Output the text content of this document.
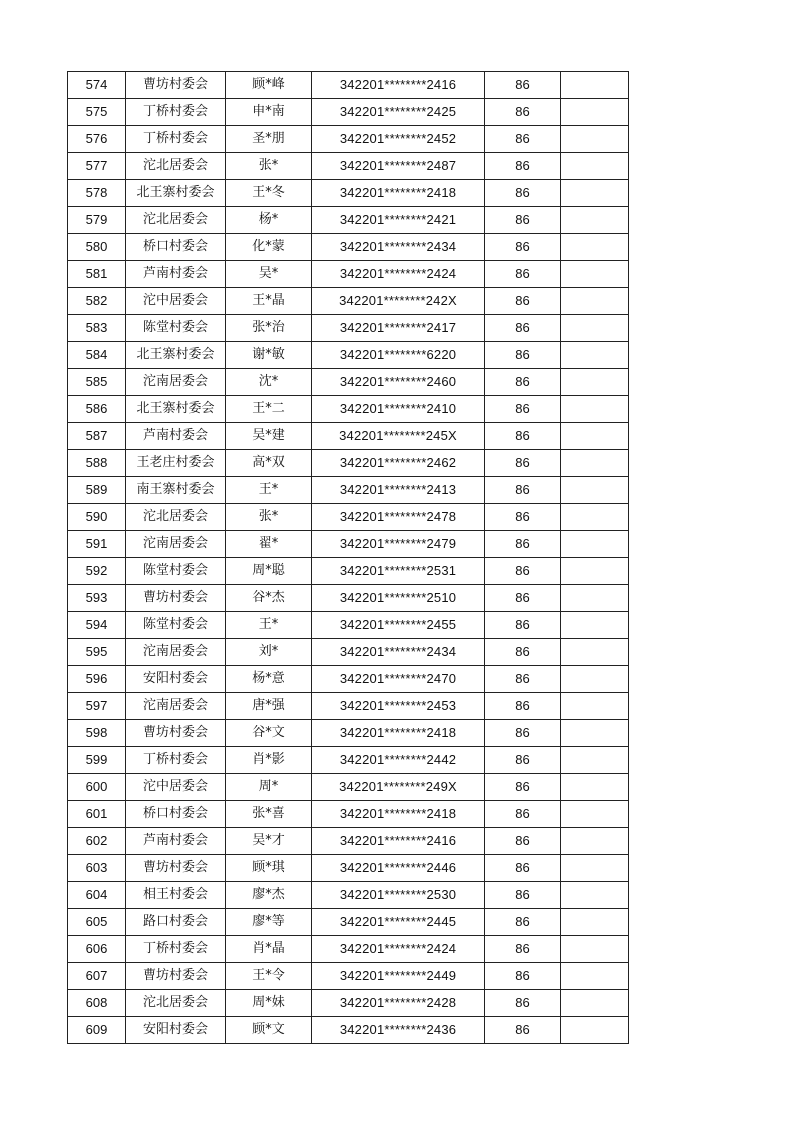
574	曹坊村委会	顾*峰	342201********2416	86	
575	丁桥村委会	申*南	342201********2425	86	
576	丁桥村委会	圣*朋	342201********2452	86	
577	沱北居委会	张*	342201********2487	86	
578	北王寨村委会	王*冬	342201********2418	86	
579	沱北居委会	杨*	342201********2421	86	
580	桥口村委会	化*蒙	342201********2434	86	
581	芦南村委会	吴*	342201********2424	86	
582	沱中居委会	王*晶	342201********242X	86	
583	陈堂村委会	张*治	342201********2417	86	
584	北王寨村委会	谢*敏	342201********6220	86	
585	沱南居委会	沈*	342201********2460	86	
586	北王寨村委会	王*二	342201********2410	86	
587	芦南村委会	吴*建	342201********245X	86	
588	王老庄村委会	高*双	342201********2462	86	
589	南王寨村委会	王*	342201********2413	86	
590	沱北居委会	张*	342201********2478	86	
591	沱南居委会	翟*	342201********2479	86	
592	陈堂村委会	周*聪	342201********2531	86	
593	曹坊村委会	谷*杰	342201********2510	86	
594	陈堂村委会	王*	342201********2455	86	
595	沱南居委会	刘*	342201********2434	86	
596	安阳村委会	杨*意	342201********2470	86	
597	沱南居委会	唐*强	342201********2453	86	
598	曹坊村委会	谷*文	342201********2418	86	
599	丁桥村委会	肖*影	342201********2442	86	
600	沱中居委会	周*	342201********249X	86	
601	桥口村委会	张*喜	342201********2418	86	
602	芦南村委会	吴*才	342201********2416	86	
603	曹坊村委会	顾*琪	342201********2446	86	
604	相王村委会	廖*杰	342201********2530	86	
605	路口村委会	廖*等	342201********2445	86	
606	丁桥村委会	肖*晶	342201********2424	86	
607	曹坊村委会	王*令	342201********2449	86	
608	沱北居委会	周*妹	342201********2428	86	
609	安阳村委会	顾*文	342201********2436	86	
